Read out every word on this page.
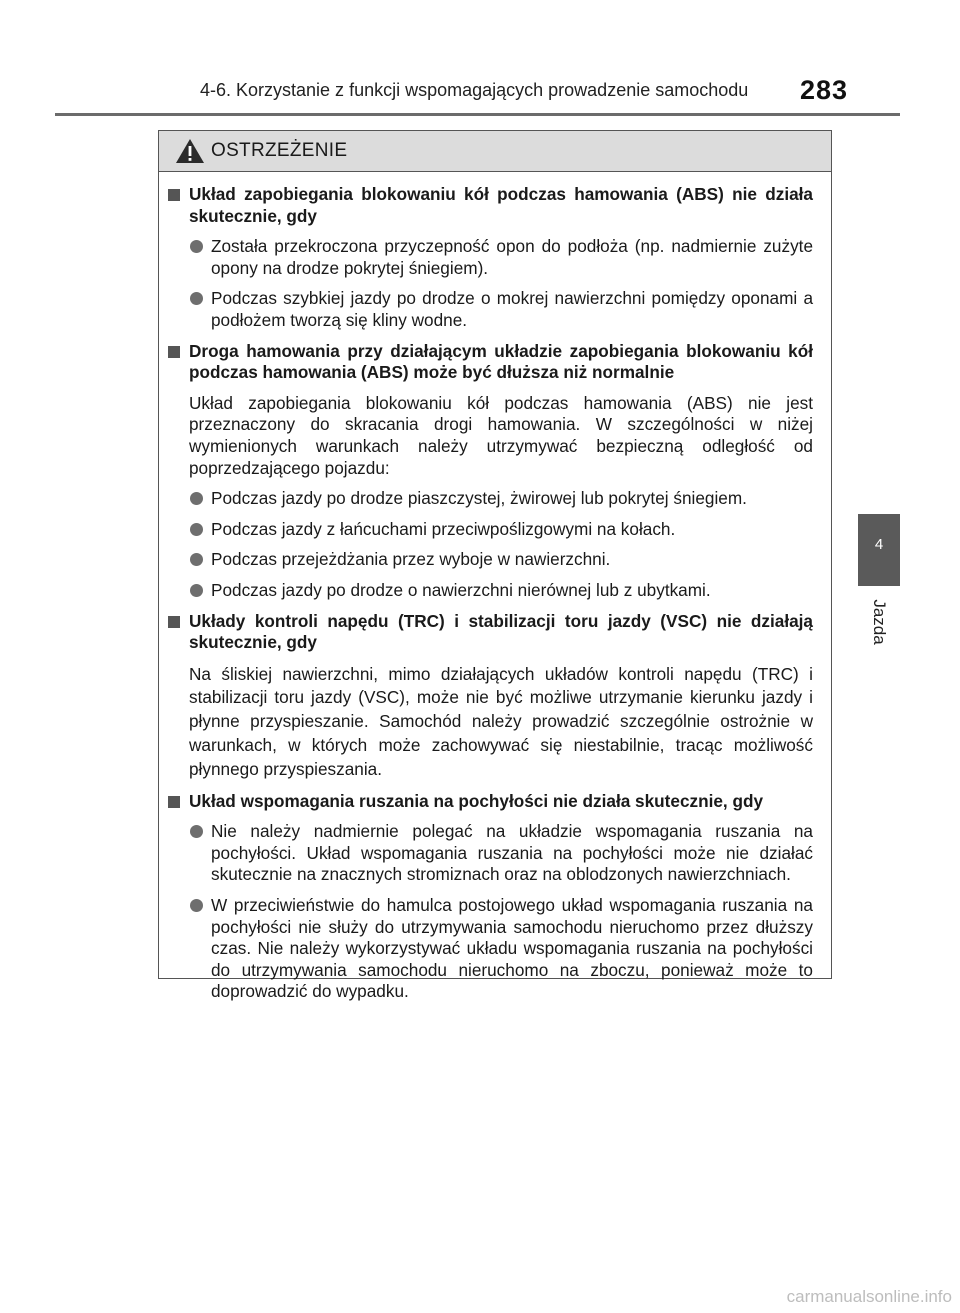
4-6. Korzystanie z funkcji wspomagających prowadzenie samochodu	283
4
Jazda
OSTRZEŻENIE
Układ zapobiegania blokowaniu kół podczas hamowania (ABS) nie działa skutecznie, gdy
Została przekroczona przyczepność opon do podłoża (np. nadmiernie zużyte opony na drodze pokrytej śniegiem).
Podczas szybkiej jazdy po drodze o mokrej nawierzchni pomiędzy oponami a podłożem tworzą się kliny wodne.
Droga hamowania przy działającym układzie zapobiegania blokowaniu kół podczas hamowania (ABS) może być dłuższa niż normalnie
Układ zapobiegania blokowaniu kół podczas hamowania (ABS) nie jest przeznaczony do skracania drogi hamowania. W szczególności w niżej wymienionych warunkach należy utrzymywać bezpieczną odległość od poprzedzającego pojazdu:
Podczas jazdy po drodze piaszczystej, żwirowej lub pokrytej śniegiem.
Podczas jazdy z łańcuchami przeciwpoślizgowymi na kołach.
Podczas przejeżdżania przez wyboje w nawierzchni.
Podczas jazdy po drodze o nawierzchni nierównej lub z ubytkami.
Układy kontroli napędu (TRC) i stabilizacji toru jazdy (VSC) nie działają skutecznie, gdy
Na śliskiej nawierzchni, mimo działających układów kontroli napędu (TRC) i stabilizacji toru jazdy (VSC), może nie być możliwe utrzymanie kierunku jazdy i płynne przyspieszanie. Samochód należy prowadzić szczególnie ostrożnie w warunkach, w których może zachowywać się niestabilnie, tracąc możliwość płynnego przyspieszania.
Układ wspomagania ruszania na pochyłości nie działa skutecznie, gdy
Nie należy nadmiernie polegać na układzie wspomagania ruszania na pochyłości. Układ wspomagania ruszania na pochyłości może nie działać skutecznie na znacznych stromiznach oraz na oblodzonych nawierzchniach.
W przeciwieństwie do hamulca postojowego układ wspomagania ruszania na pochyłości nie służy do utrzymywania samochodu nieruchomo przez dłuższy czas. Nie należy wykorzystywać układu wspomagania ruszania na pochyłości do utrzymywania samochodu nieruchomo na zboczu, ponieważ może to doprowadzić do wypadku.
carmanualsonline.info
